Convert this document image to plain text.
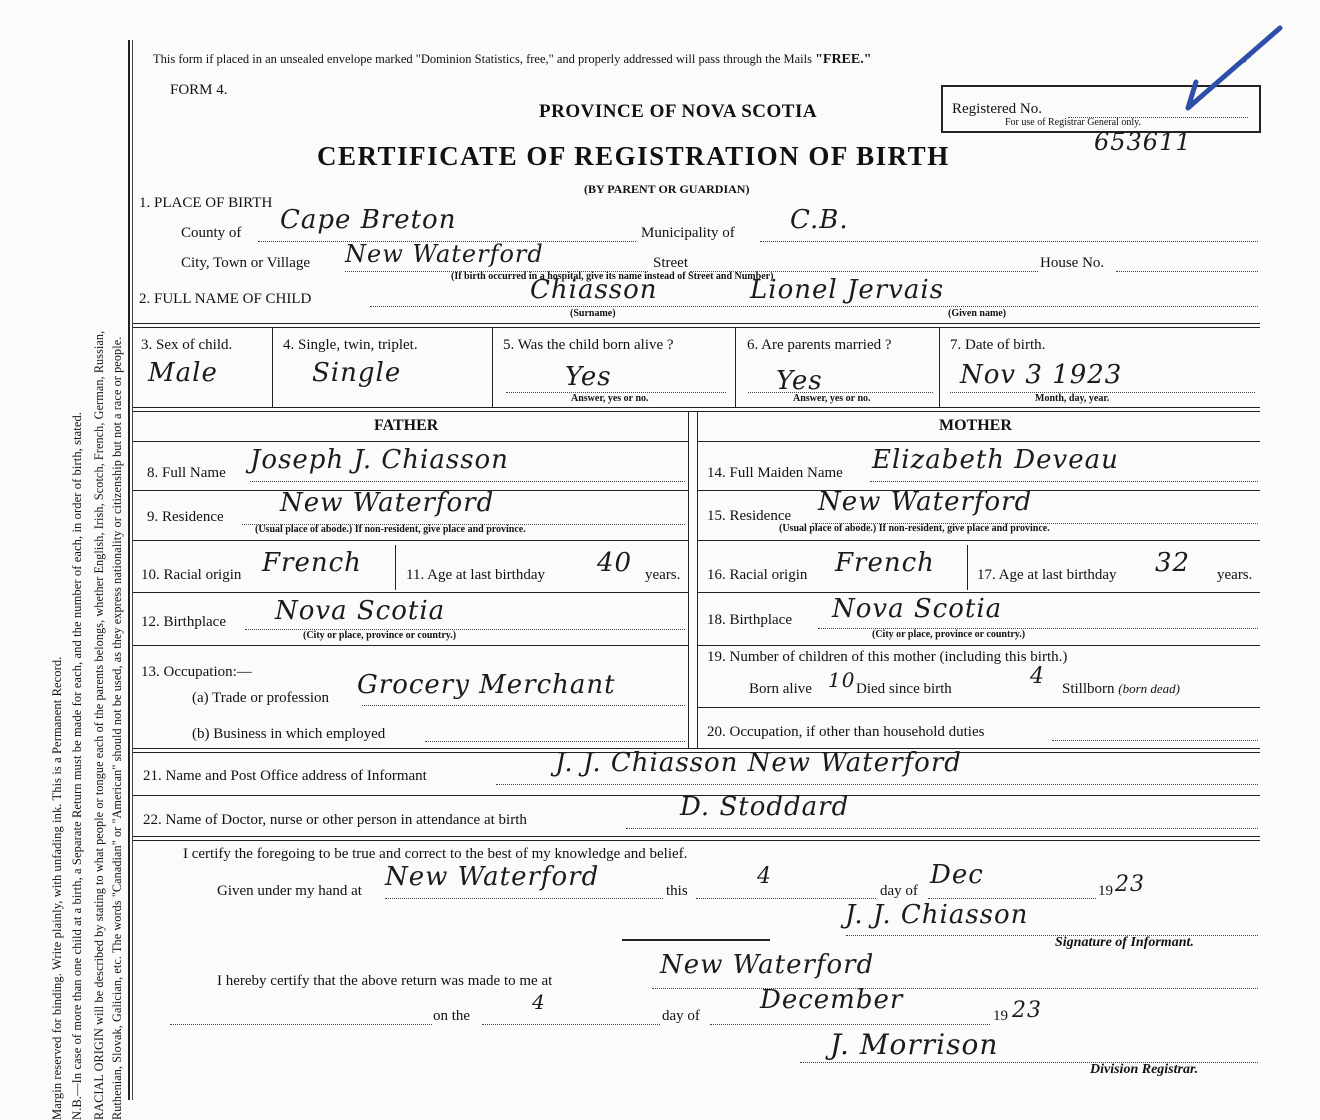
Margin reserved for binding. Write plainly, with unfading ink. This is a Permanent Record. N.B.—In case of more than one child at a birth, a Separate Return must be made for each, and the number of each, in order of birth, stated. RACIAL ORIGIN will be described by stating to what people or tongue each of the parents belongs, whether English, Irish, Scotch, French, German, Russian, Ruthenian, Slovak, Galician, etc. The words "Canadian" or "American" should not be used, as they express nationality or citizenship but not a race or people.
This form if placed in an unsealed envelope marked "Dominion Statistics, free," and properly addressed will pass through the Mails "FREE."
FORM 4.
PROVINCE OF NOVA SCOTIA
CERTIFICATE OF REGISTRATION OF BIRTH
(BY PARENT OR GUARDIAN)
Registered No.
For use of Registrar General only.
653611
1. PLACE OF BIRTH
County of Cape Breton	Municipality of C.B.
City, Town or Village New Waterford	Street	House No.
(If birth occurred in a hospital, give its name instead of Street and Number)
2. FULL NAME OF CHILD	Chiasson	Lionel Jervais
(Surname)	(Given name)
3. Sex of child.
Male
4. Single, twin, triplet.
Single
5. Was the child born alive ?
Yes
Answer, yes or no.
6. Are parents married ?
Yes
Answer, yes or no.
7. Date of birth.
Nov 3 1923
Month, day, year.
FATHER	MOTHER
8. Full Name Joseph J. Chiasson
9. Residence New Waterford
(Usual place of abode.) If non-resident, give place and province.
10. Racial origin French	11. Age at last birthday 40 years.
12. Birthplace Nova Scotia
(City or place, province or country.)
13. Occupation:—
(a) Trade or profession Grocery Merchant
(b) Business in which employed
14. Full Maiden Name Elizabeth Deveau
15. Residence New Waterford
(Usual place of abode.) If non-resident, give place and province.
16. Racial origin French	17. Age at last birthday 32 years.
18. Birthplace Nova Scotia
(City or place, province or country.)
19. Number of children of this mother (including this birth.)
Born alive 10 Died since birth	4 Stillborn (born dead)
20. Occupation, if other than household duties
21. Name and Post Office address of Informant	J. J. Chiasson New Waterford
22. Name of Doctor, nurse or other person in attendance at birth	D. Stoddard
I certify the foregoing to be true and correct to the best of my knowledge and belief.
Given under my hand at New Waterford	this
4
day of
Dec
19 23
J. J. Chiasson
Signature of Informant.
I hereby certify that the above return was made to me at
New Waterford
on the
4
day of
December
19 23
J. Morrison
Division Registrar.
